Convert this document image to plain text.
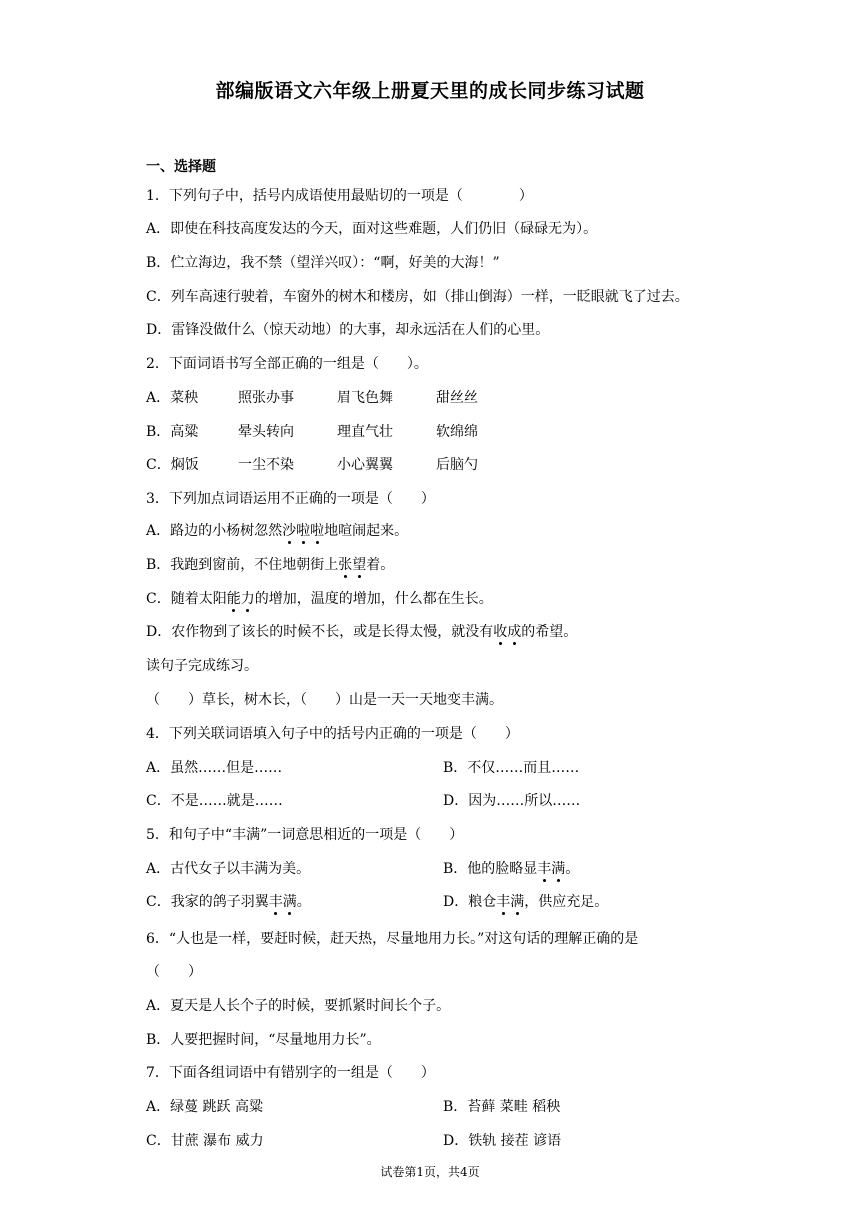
部编版语文六年级上册夏天里的成长同步练习试题
一、选择题
1．下列句子中，括号内成语使用最贴切的一项是（　　　　）
A．即使在科技高度发达的今天，面对这些难题，人们仍旧（碌碌无为）。
B．伫立海边，我不禁（望洋兴叹）：“啊，好美的大海！”
C．列车高速行驶着，车窗外的树木和楼房，如（排山倒海）一样，一眨眼就飞了过去。
D．雷锋没做什么（惊天动地）的大事，却永远活在人们的心里。
2．下面词语书写全部正确的一组是（　　）。
A．菜秧	照张办事	眉飞色舞	甜丝丝
B．高粱	晕头转向	理直气壮	软绵绵
C．焖饭	一尘不染	小心翼翼	后脑勺
3．下列加点词语运用不正确的一项是（　　）
A．路边的小杨树忽然沙啦啦地喧闹起来。
B．我跑到窗前，不住地朝街上张望着。
C．随着太阳能力的增加，温度的增加，什么都在生长。
D．农作物到了该长的时候不长，或是长得太慢，就没有收成的希望。
读句子完成练习。
（　　）草长，树木长，（　　）山是一天一天地变丰满。
4．下列关联词语填入句子中的括号内正确的一项是（　　）
A．虽然……但是……	B．不仅……而且……
C．不是……就是……	D．因为……所以……
5．和句子中“丰满”一词意思相近的一项是（　　）
A．古代女子以丰满为美。	B．他的脸略显丰满。
C．我家的鸽子羽翼丰满。	D．粮仓丰满，供应充足。
6．“人也是一样，要赶时候，赶天热，尽量地用力长。”对这句话的理解正确的是
（　　）
A．夏天是人长个子的时候，要抓紧时间长个子。
B．人要把握时间，“尽量地用力长”。
7．下面各组词语中有错别字的一组是（　　）
A．绿蔓 跳跃 高粱	B．苔藓 菜畦 稻秧
C．甘蔗 瀑布 威力	D．铁轨 接茬 谚语
试卷第1页，共4页
